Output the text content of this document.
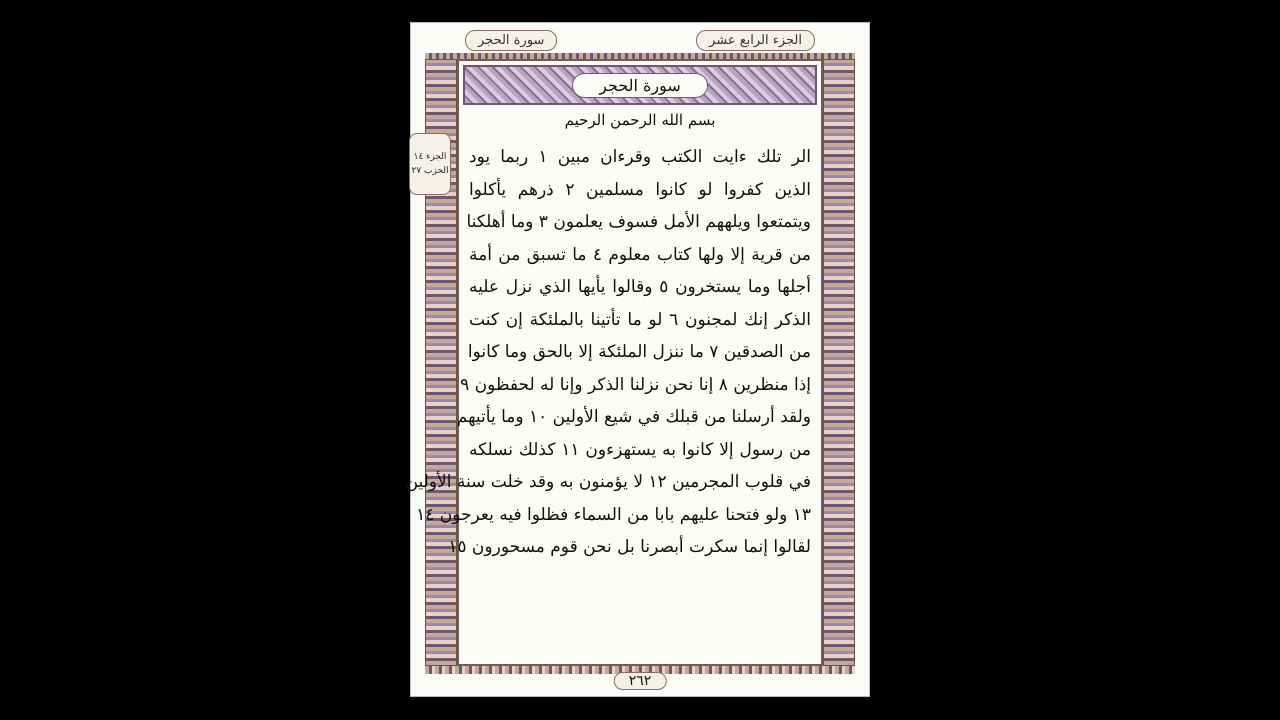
سورة الحجر	الجزء الرابع عشر
سورة الحجر
بسم الله الرحمن الرحيم
الر تلك ءايت الكتب وقرءان مبين ١ ربما يود
الذين كفروا لو كانوا مسلمين ٢ ذرهم يأكلوا
ويتمتعوا ويلههم الأمل فسوف يعلمون ٣ وما أهلكنا
من قرية إلا ولها كتاب معلوم ٤ ما تسبق من أمة
أجلها وما يستخرون ٥ وقالوا يأيها الذي نزل عليه
الذكر إنك لمجنون ٦ لو ما تأتينا بالملئكة إن كنت
من الصدقين ٧ ما ننزل الملئكة إلا بالحق وما كانوا
إذا منظرين ٨ إنا نحن نزلنا الذكر وإنا له لحفظون ٩
ولقد أرسلنا من قبلك في شيع الأولين ١٠ وما يأتيهم
من رسول إلا كانوا به يستهزءون ١١ كذلك نسلكه
في قلوب المجرمين ١٢ لا يؤمنون به وقد خلت سنة الأولين
١٣ ولو فتحنا عليهم بابا من السماء فظلوا فيه يعرجون ١٤
لقالوا إنما سكرت أبصرنا بل نحن قوم مسحورون ١٥
الجزء ١٤
الحزب ٢٧
٢٦٢
